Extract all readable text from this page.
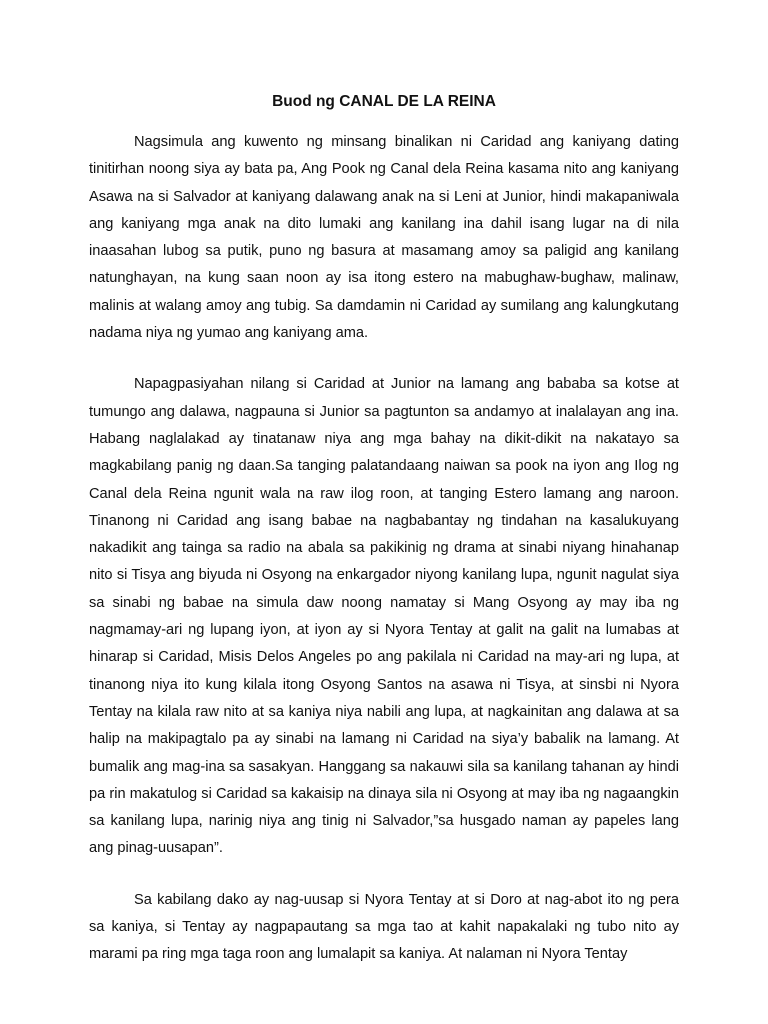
Buod ng CANAL DE LA REINA

Nagsimula ang kuwento ng minsang binalikan ni Caridad ang kaniyang dating tinitirhan noong siya ay bata pa, Ang Pook ng Canal dela Reina kasama nito ang kaniyang Asawa na si Salvador at kaniyang dalawang anak na si Leni at Junior, hindi makapaniwala ang kaniyang mga anak na dito lumaki ang kanilang ina dahil isang lugar na di nila inaasahan lubog sa putik, puno ng basura at masamang amoy sa paligid ang kanilang natunghayan, na kung saan noon ay isa itong estero na mabughaw-bughaw, malinaw, malinis at walang amoy ang tubig. Sa damdamin ni Caridad ay sumilang ang kalungkutang nadama niya ng yumao ang kaniyang ama.

Napagpasiyahan nilang si Caridad at Junior na lamang ang bababa sa kotse at tumungo ang dalawa, nagpauna si Junior sa pagtunton sa andamyo at inalalayan ang ina. Habang naglalakad ay tinatanaw niya ang mga bahay na dikit-dikit na nakatayo sa magkabilang panig ng daan.Sa tanging palatandaang naiwan sa pook na iyon ang Ilog ng Canal dela Reina ngunit wala na raw ilog roon, at tanging Estero lamang ang naroon. Tinanong ni Caridad ang isang babae na nagbabantay ng tindahan na kasalukuyang nakadikit ang tainga sa radio na abala sa pakikinig ng drama at sinabi niyang hinahanap nito si Tisya ang biyuda ni Osyong na enkargador niyong kanilang lupa, ngunit nagulat siya sa sinabi ng babae na simula daw noong namatay si Mang Osyong ay may iba ng nagmamay-ari ng lupang iyon, at iyon ay si Nyora Tentay at galit na galit na lumabas at hinarap si Caridad, Misis Delos Angeles po ang pakilala ni Caridad na may-ari ng lupa, at tinanong niya ito kung kilala itong Osyong Santos na asawa ni Tisya, at sinsbi ni Nyora Tentay na kilala raw nito at sa kaniya niya nabili ang lupa, at nagkainitan ang dalawa at sa halip na makipagtalo pa ay sinabi na lamang ni Caridad na siya’y babalik na lamang. At bumalik ang mag-ina sa sasakyan. Hanggang sa nakauwi sila sa kanilang tahanan ay hindi pa rin makatulog si Caridad sa kakaisip na dinaya sila ni Osyong at may iba ng nagaangkin sa kanilang lupa, narinig niya ang tinig ni Salvador,”sa husgado naman ay papeles lang ang pinag-uusapan”.

Sa kabilang dako ay nag-uusap si Nyora Tentay at si Doro at nag-abot ito ng pera sa kaniya, si Tentay ay nagpapautang sa mga tao at kahit napakalaki ng tubo nito ay marami pa ring mga taga roon ang lumalapit sa kaniya. At nalaman ni Nyora Tentay
